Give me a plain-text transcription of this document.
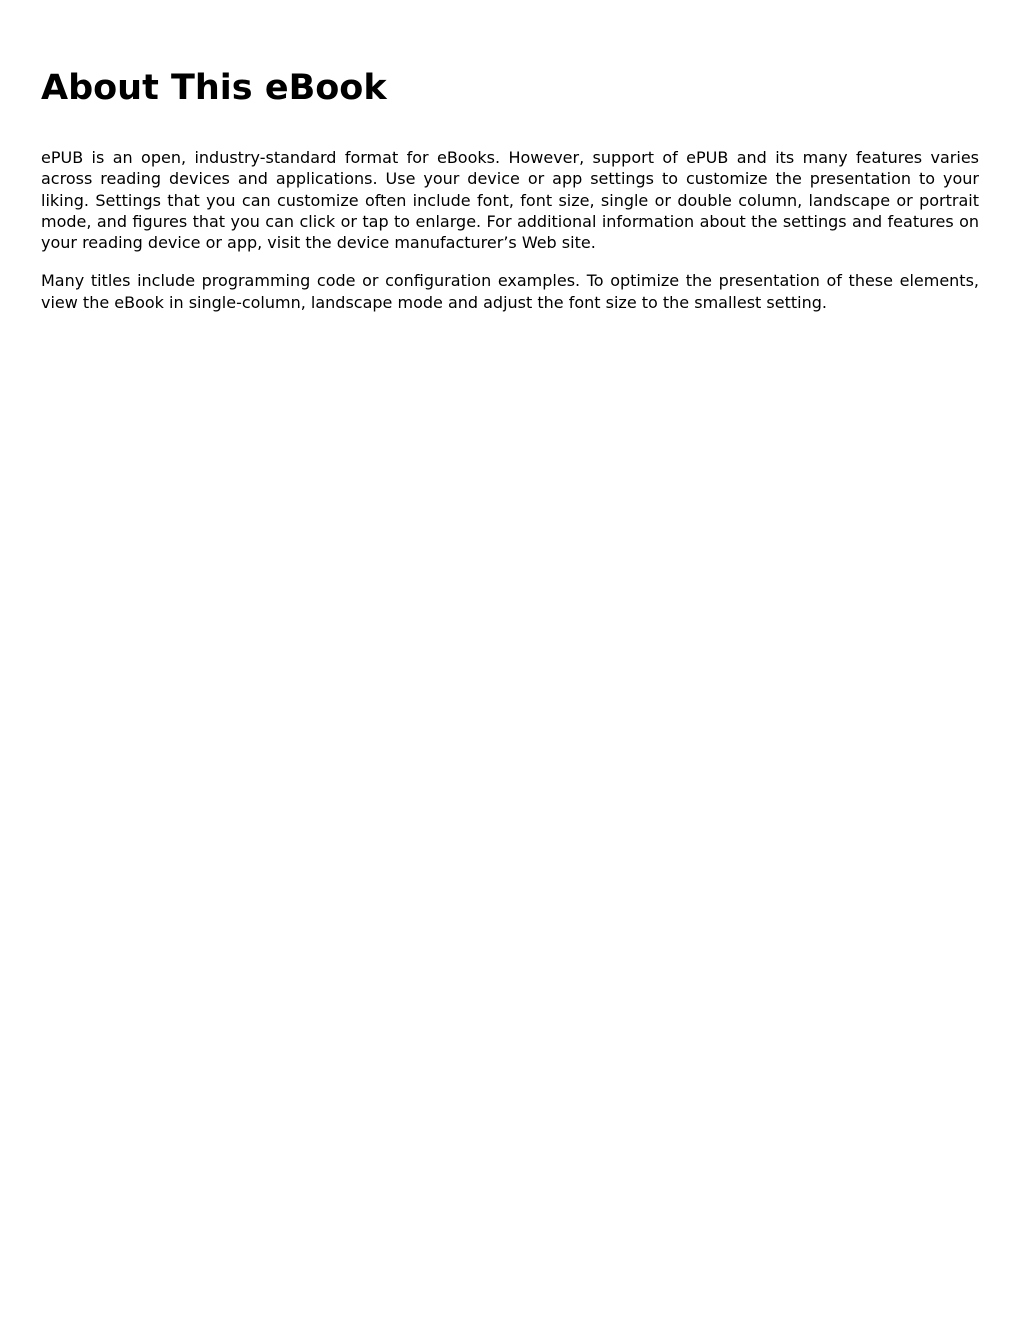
About This eBook

ePUB is an open, industry-standard format for eBooks. However, support of ePUB and its many features varies across reading devices and applications. Use your device or app settings to customize the presentation to your liking. Settings that you can customize often include font, font size, single or double column, landscape or portrait mode, and figures that you can click or tap to enlarge. For additional information about the settings and features on your reading device or app, visit the device manufacturer’s Web site.

Many titles include programming code or configuration examples. To optimize the presentation of these elements, view the eBook in single-column, landscape mode and adjust the font size to the smallest setting.
